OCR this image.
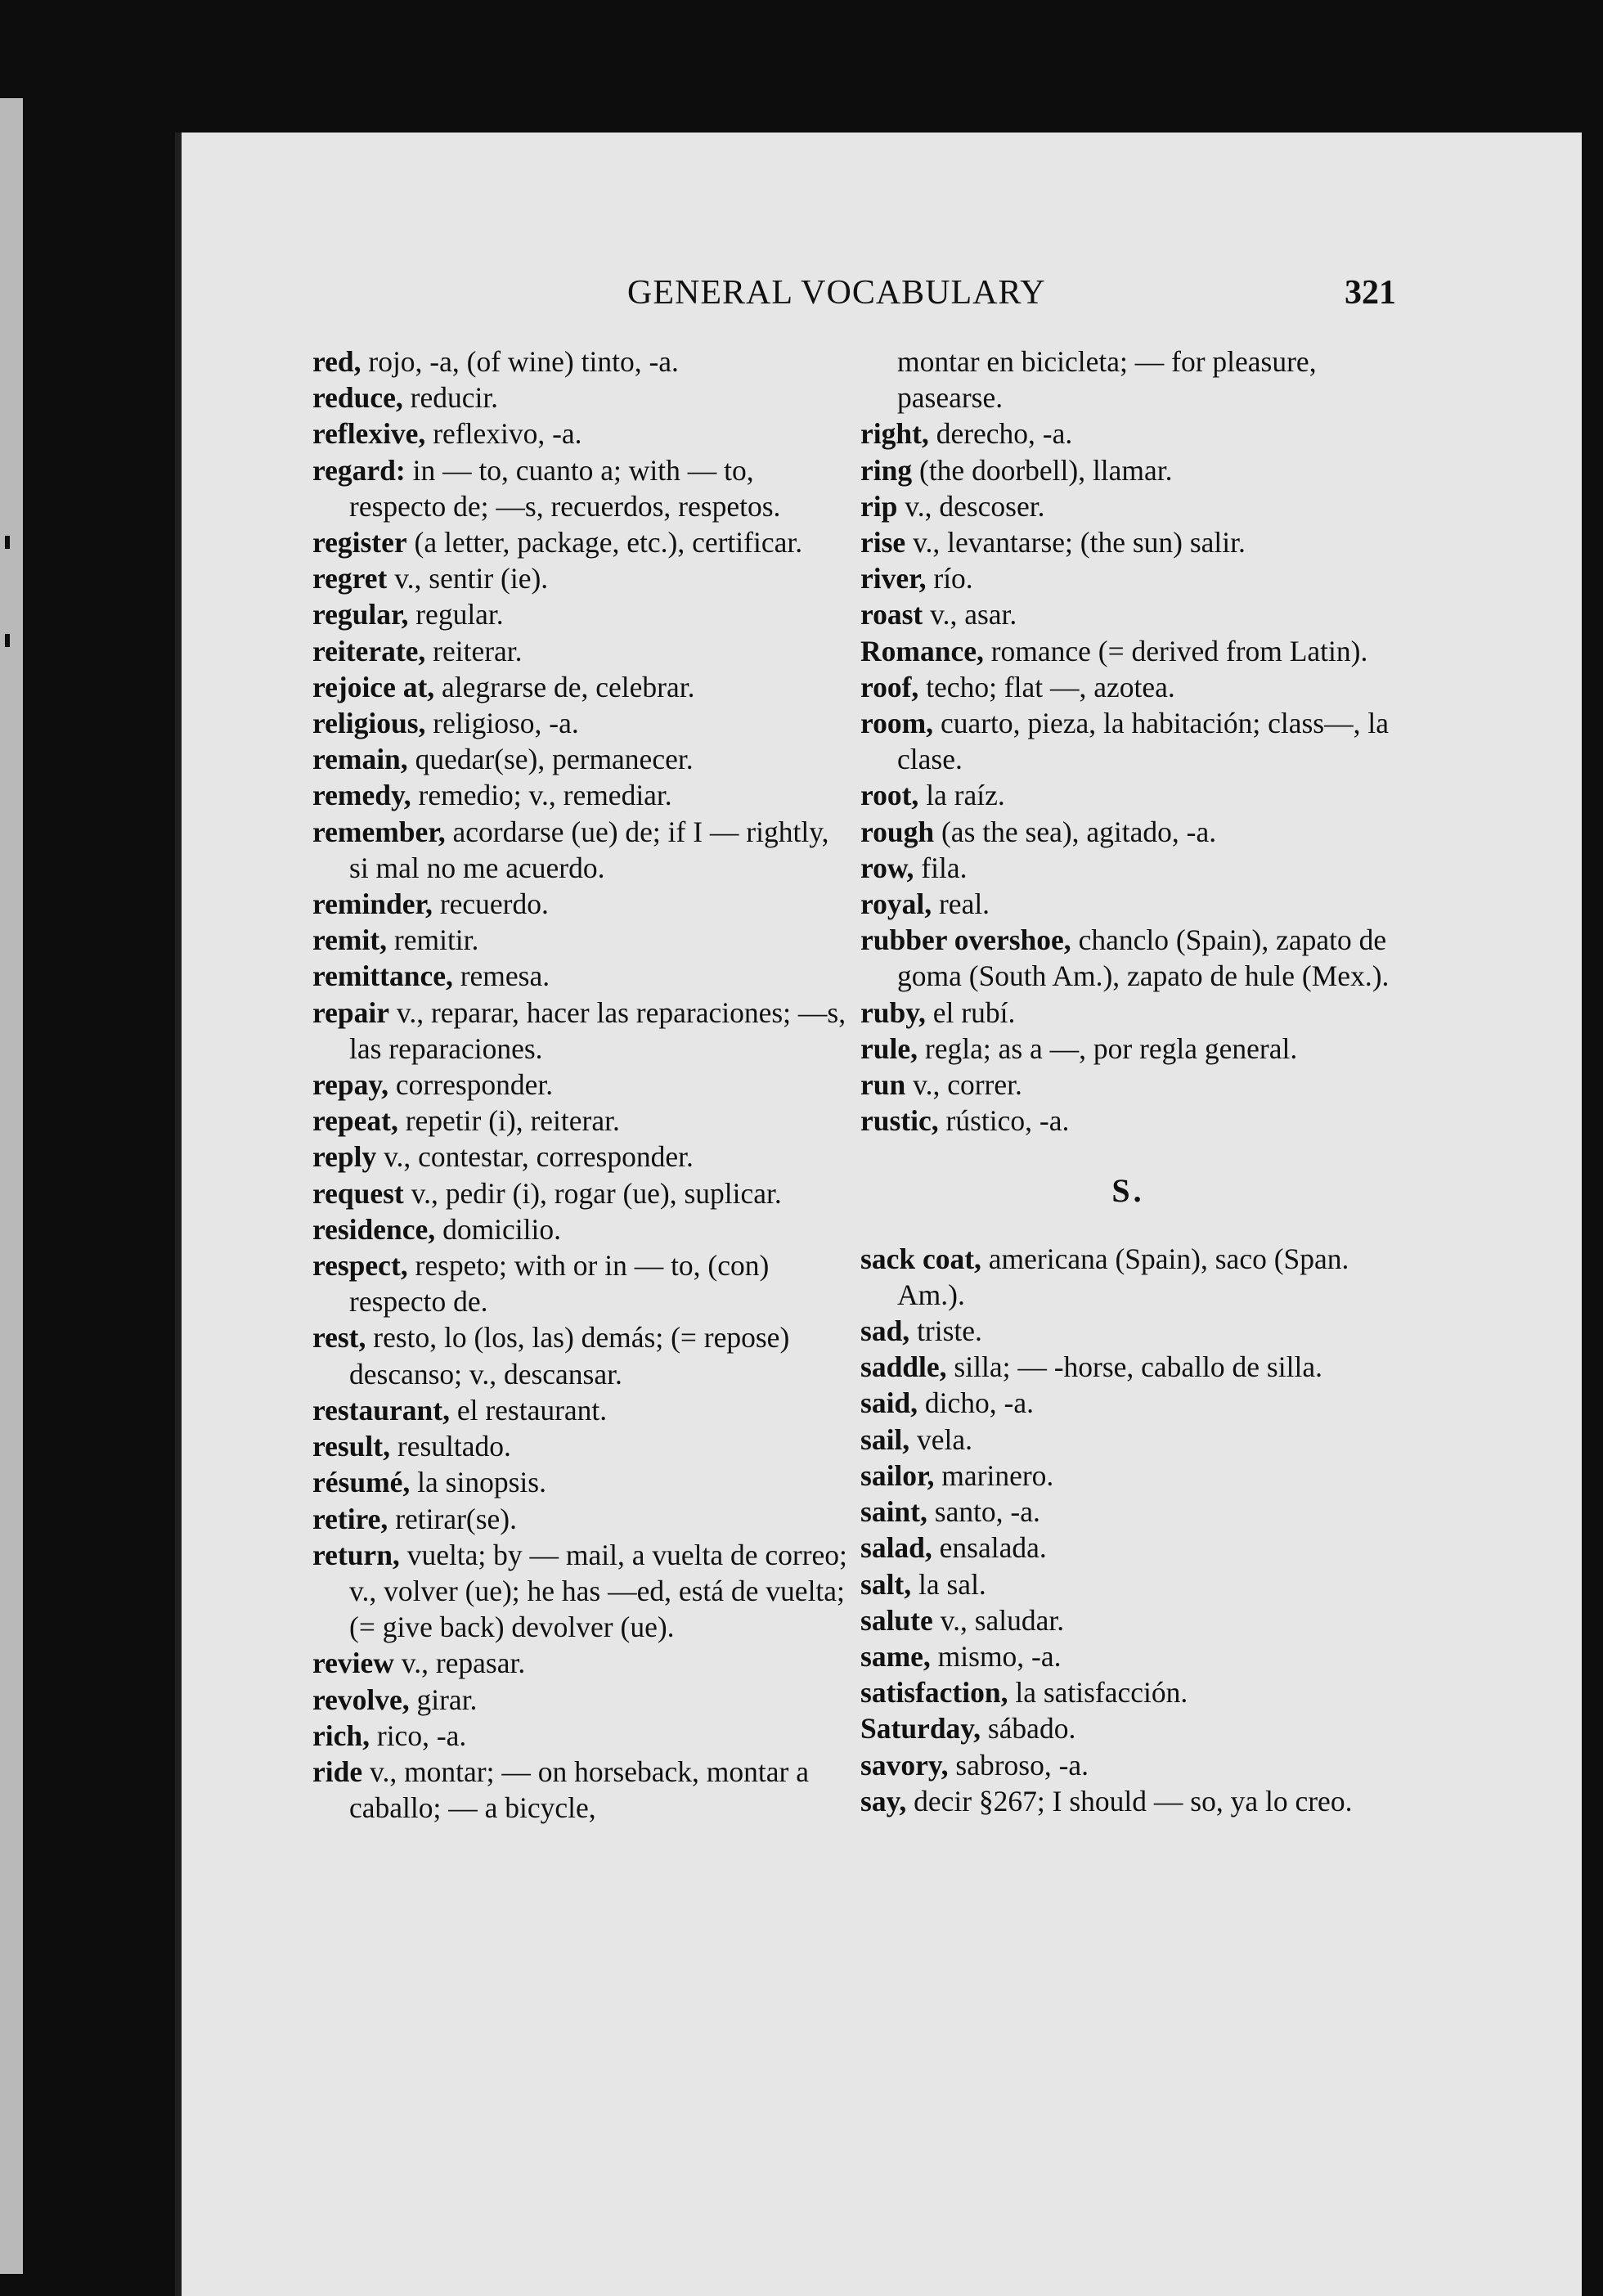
GENERAL VOCABULARY	321

red, rojo, -a, (of wine) tinto, -a.

reduce, reducir.

reflexive, reflexivo, -a.

regard: in — to, cuanto a; with — to, respecto de; —s, recuerdos, respetos.

register (a letter, package, etc.), certificar.

regret v., sentir (ie).

regular, regular.

reiterate, reiterar.

rejoice at, alegrarse de, celebrar.

religious, religioso, -a.

remain, quedar(se), permanecer.

remedy, remedio; v., remediar.

remember, acordarse (ue) de; if I — rightly, si mal no me acuerdo.

reminder, recuerdo.

remit, remitir.

remittance, remesa.

repair v., reparar, hacer las reparaciones; —s, las reparaciones.

repay, corresponder.

repeat, repetir (i), reiterar.

reply v., contestar, corresponder.

request v., pedir (i), rogar (ue), suplicar.

residence, domicilio.

respect, respeto; with or in — to, (con) respecto de.

rest, resto, lo (los, las) demás; (= repose) descanso; v., descansar.

restaurant, el restaurant.

result, resultado.

résumé, la sinopsis.

retire, retirar(se).

return, vuelta; by — mail, a vuelta de correo; v., volver (ue); he has —ed, está de vuelta; (= give back) devolver (ue).

review v., repasar.

revolve, girar.

rich, rico, -a.

ride v., montar; — on horseback, montar a caballo; — a bicycle,

montar en bicicleta; — for pleasure, pasearse.

right, derecho, -a.

ring (the doorbell), llamar.

rip v., descoser.

rise v., levantarse; (the sun) salir.

river, río.

roast v., asar.

Romance, romance (= derived from Latin).

roof, techo; flat —, azotea.

room, cuarto, pieza, la habitación; class—, la clase.

root, la raíz.

rough (as the sea), agitado, -a.

row, fila.

royal, real.

rubber overshoe, chanclo (Spain), zapato de goma (South Am.), zapato de hule (Mex.).

ruby, el rubí.

rule, regla; as a —, por regla general.

run v., correr.

rustic, rústico, -a.

S.

sack coat, americana (Spain), saco (Span. Am.).

sad, triste.

saddle, silla; — -horse, caballo de silla.

said, dicho, -a.

sail, vela.

sailor, marinero.

saint, santo, -a.

salad, ensalada.

salt, la sal.

salute v., saludar.

same, mismo, -a.

satisfaction, la satisfacción.

Saturday, sábado.

savory, sabroso, -a.

say, decir §267; I should — so, ya lo creo.
